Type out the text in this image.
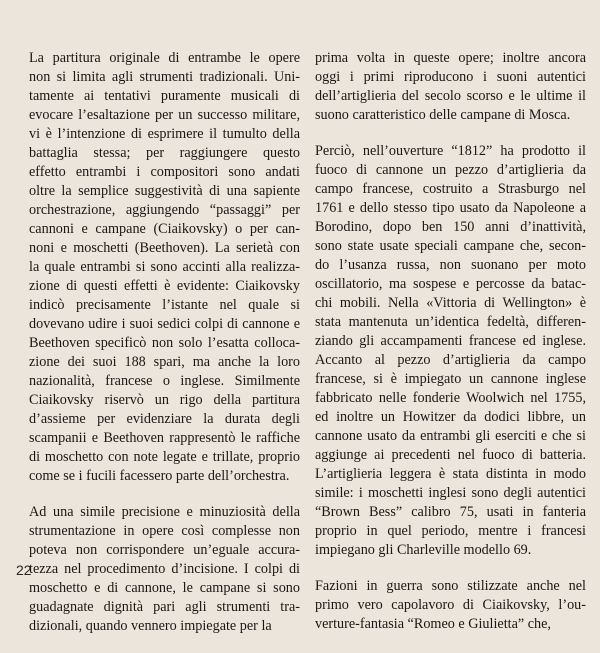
La partitura originale di entrambe le opere
non si limita agli strumenti tradizionali. Uni-
tamente ai tentativi puramente musicali di
evocare l’esaltazione per un successo militare,
vi è l’intenzione di esprimere il tumulto della
battaglia stessa; per raggiungere questo
effetto entrambi i compositori sono andati
oltre la semplice suggestività di una sapiente
orchestrazione, aggiungendo “passaggi” per
cannoni e campane (Ciaikovsky) o per can-
noni e moschetti (Beethoven). La serietà con
la quale entrambi si sono accinti alla realizza-
zione di questi effetti è evidente: Ciaikovsky
indicò precisamente l’istante nel quale si
dovevano udire i suoi sedici colpi di cannone e
Beethoven specificò non solo l’esatta colloca-
zione dei suoi 188 spari, ma anche la loro
nazionalità, francese o inglese. Similmente
Ciaikovsky riservò un rigo della partitura
d’assieme per evidenziare la durata degli
scampanii e Beethoven rappresentò le raffiche
di moschetto con note legate e trillate, proprio
come se i fucili facessero parte dell’orchestra.
Ad una simile precisione e minuziosità della
strumentazione in opere così complesse non
poteva non corrispondere un’eguale accura-
tezza nel procedimento d’incisione. I colpi di
moschetto e di cannone, le campane si sono
guadagnate dignità pari agli strumenti tra-
dizionali, quando vennero impiegate per la
prima volta in queste opere; inoltre ancora
oggi i primi riproducono i suoni autentici
dell’artiglieria del secolo scorso e le ultime il
suono caratteristico delle campane di Mosca.
Perciò, nell’ouverture “1812” ha prodotto il
fuoco di cannone un pezzo d’artiglieria da
campo francese, costruito a Strasburgo nel
1761 e dello stesso tipo usato da Napoleone a
Borodino, dopo ben 150 anni d’inattività,
sono state usate speciali campane che, secon-
do l’usanza russa, non suonano per moto
oscillatorio, ma sospese e percosse da batac-
chi mobili. Nella «Vittoria di Wellington» è
stata mantenuta un’identica fedeltà, differen-
ziando gli accampamenti francese ed inglese.
Accanto al pezzo d’artiglieria da campo
francese, si è impiegato un cannone inglese
fabbricato nelle fonderie Woolwich nel 1755,
ed inoltre un Howitzer da dodici libbre, un
cannone usato da entrambi gli eserciti e che si
aggiunge ai precedenti nel fuoco di batteria.
L’artiglieria leggera è stata distinta in modo
simile: i moschetti inglesi sono degli autentici
“Brown Bess” calibro 75, usati in fanteria
proprio in quel periodo, mentre i francesi
impiegano gli Charleville modello 69.
Fazioni in guerra sono stilizzate anche nel
primo vero capolavoro di Ciaikovsky, l’ou-
verture-fantasia “Romeo e Giulietta” che,
22
